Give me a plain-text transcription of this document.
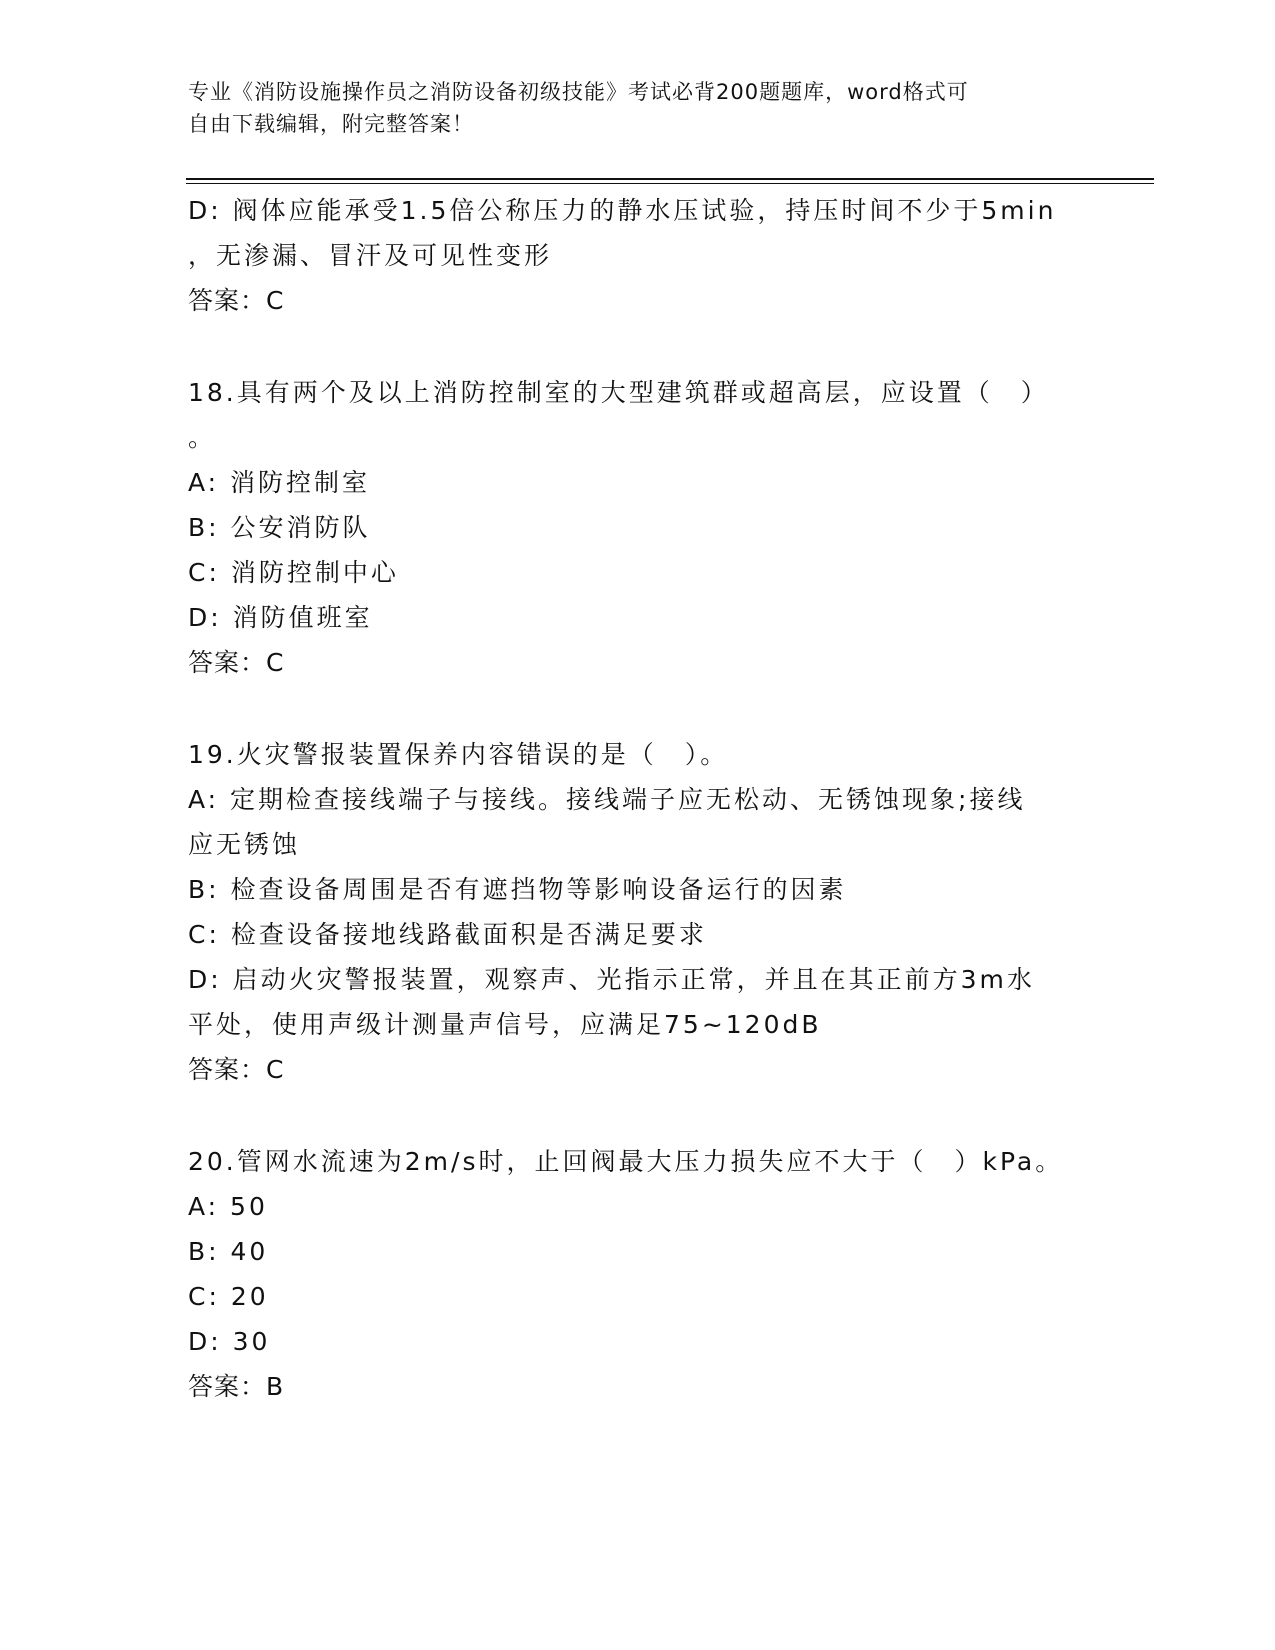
专业《消防设施操作员之消防设备初级技能》考试必背200题题库，word格式可
自由下载编辑，附完整答案！
D: 阀体应能承受1.5倍公称压力的静水压试验，持压时间不少于5min
，无渗漏、冒汗及可见性变形
答案：C
18.具有两个及以上消防控制室的大型建筑群或超高层，应设置（　）
。
A: 消防控制室
B: 公安消防队
C: 消防控制中心
D: 消防值班室
答案：C
19.火灾警报装置保养内容错误的是（　）。
A: 定期检查接线端子与接线。接线端子应无松动、无锈蚀现象;接线
应无锈蚀
B: 检查设备周围是否有遮挡物等影响设备运行的因素
C: 检查设备接地线路截面积是否满足要求
D: 启动火灾警报装置，观察声、光指示正常，并且在其正前方3m水
平处，使用声级计测量声信号，应满足75~120dB
答案：C
20.管网水流速为2m/s时，止回阀最大压力损失应不大于（　）kPa。
A: 50
B: 40
C: 20
D: 30
答案：B
